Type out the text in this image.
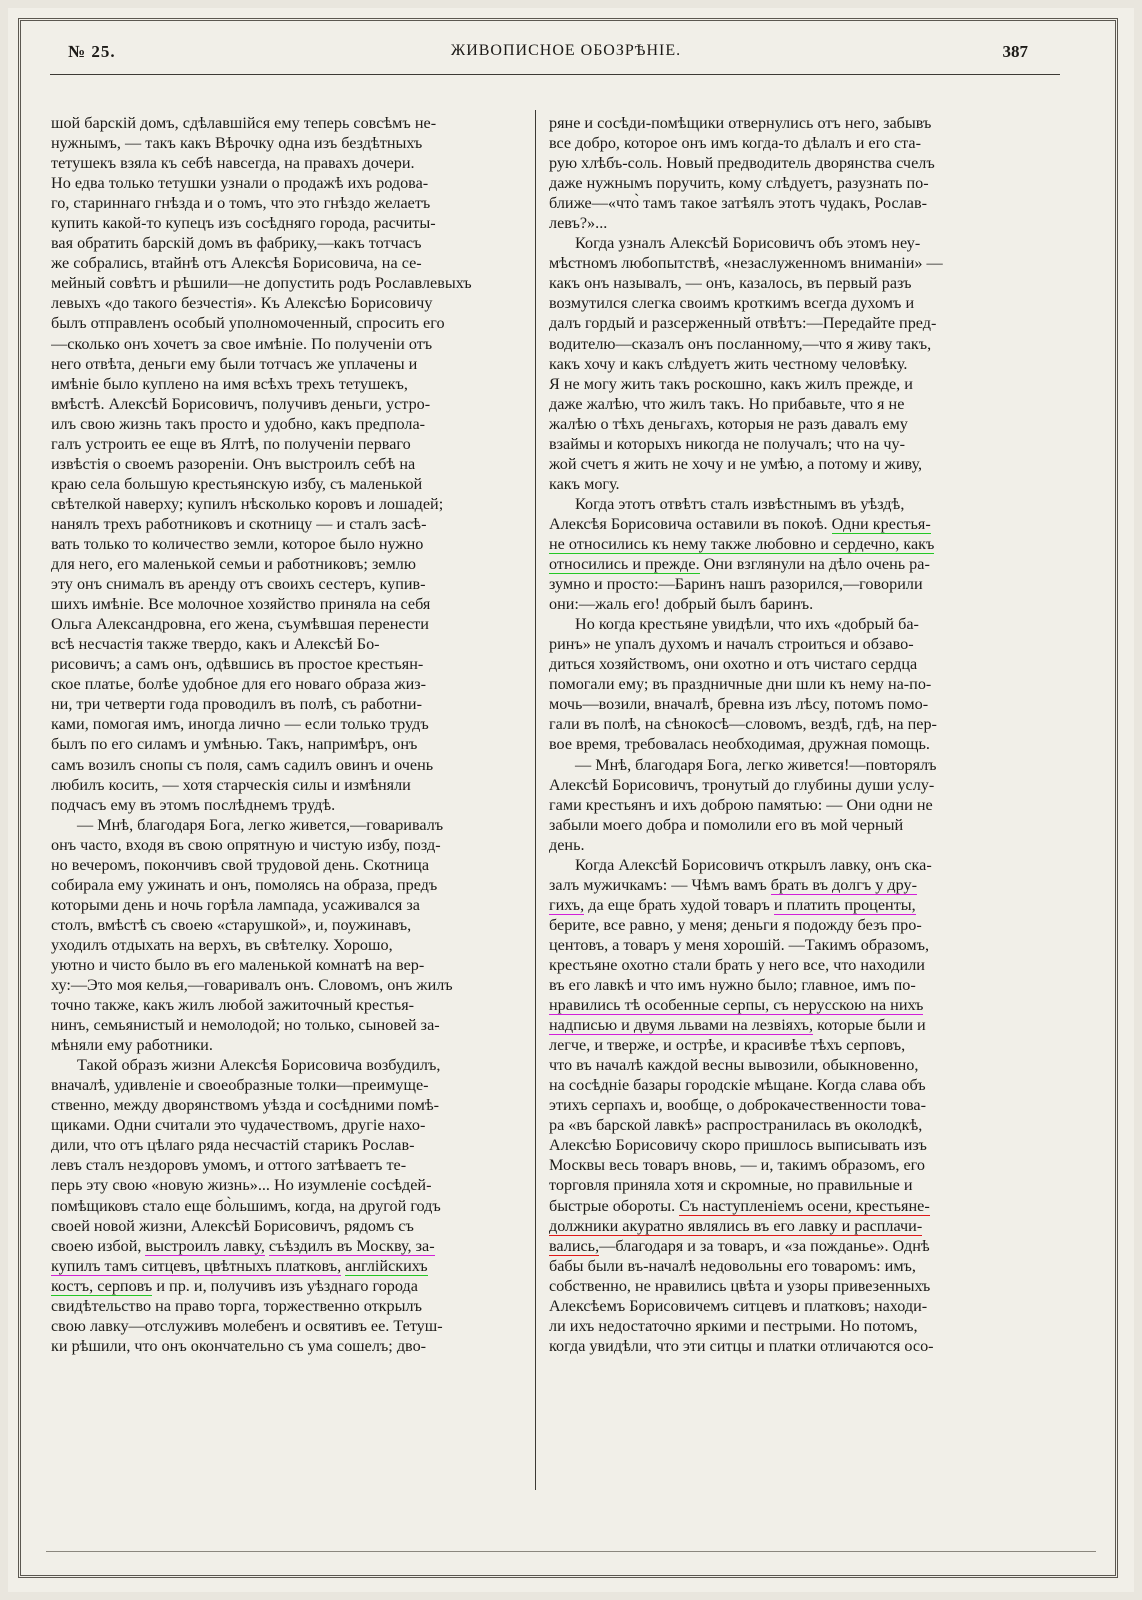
№ 25.	ЖИВОПИСНОЕ ОБОЗРѢНІЕ.	387
шой барскій домъ, сдѣлавшійся ему теперь совсѣмъ не-
нужнымъ, — такъ какъ Вѣрочку одна изъ бездѣтныхъ
тетушекъ взяла къ себѣ навсегда, на правахъ дочери.
Но едва только тетушки узнали о продажѣ ихъ родова-
го, стариннаго гнѣзда и о томъ, что это гнѣздо желаетъ
купить какой-то купецъ изъ сосѣдняго города, расчиты-
вая обратить барскій домъ въ фабрику,—какъ тотчасъ
же собрались, втайнѣ отъ Алексѣя Борисовича, на се-
мейный совѣтъ и рѣшили—не допустить родъ Рославлевыхъ
левыхъ «до такого безчестія». Къ Алексѣю Борисовичу
былъ отправленъ особый уполномоченный, спросить его
—сколько онъ хочетъ за свое имѣніе. По полученіи отъ
него отвѣта, деньги ему были тотчасъ же уплачены и
имѣніе было куплено на имя всѣхъ трехъ тетушекъ,
вмѣстѣ. Алексѣй Борисовичъ, получивъ деньги, устро-
илъ свою жизнь такъ просто и удобно, какъ предпола-
галъ устроить ее еще въ Ялтѣ, по полученіи перваго
извѣстія о своемъ разореніи. Онъ выстроилъ себѣ на
краю села большую крестьянскую избу, съ маленькой
свѣтелкой наверху; купилъ нѣсколько коровъ и лошадей;
нанялъ трехъ работниковъ и скотницу — и сталъ засѣ-
вать только то количество земли, которое было нужно
для него, его маленькой семьи и работниковъ; землю
эту онъ снималъ въ аренду отъ своихъ сестеръ, купив-
шихъ имѣніе. Все молочное хозяйство приняла на себя
Ольга Александровна, его жена, съумѣвшая перенести
всѣ несчастія также твердо, какъ и Алексѣй Бо-
рисовичъ; а самъ онъ, одѣвшись въ простое крестьян-
ское платье, болѣе удобное для его новаго образа жиз-
ни, три четверти года проводилъ въ полѣ, съ работни-
ками, помогая имъ, иногда лично — если только трудъ
былъ по его силамъ и умѣнью. Такъ, напримѣръ, онъ
самъ возилъ снопы съ поля, самъ садилъ овинъ и очень
любилъ косить, — хотя старческія силы и измѣняли
подчасъ ему въ этомъ послѣднемъ трудѣ.
— Мнѣ, благодаря Бога, легко живется,—говаривалъ
онъ часто, входя въ свою опрятную и чистую избу, позд-
но вечеромъ, покончивъ свой трудовой день. Скотница
собирала ему ужинать и онъ, помолясь на образа, предъ
которыми день и ночь горѣла лампада, усаживался за
столъ, вмѣстѣ съ своею «старушкой», и, поужинавъ,
уходилъ отдыхать на верхъ, въ свѣтелку. Хорошо,
уютно и чисто было въ его маленькой комнатѣ на вер-
ху:—Это моя келья,—говаривалъ онъ. Словомъ, онъ жилъ
точно также, какъ жилъ любой зажиточный крестья-
нинъ, семьянистый и немолодой; но только, сыновей за-
мѣняли ему работники.
Такой образъ жизни Алексѣя Борисовича возбудилъ,
вначалѣ, удивленіе и своеобразные толки—преимуще-
ственно, между дворянствомъ уѣзда и сосѣдними помѣ-
щиками. Одни считали это чудачествомъ, другіе нахо-
дили, что отъ цѣлаго ряда несчастій старикъ Рослав-
левъ сталъ нездоровъ умомъ, и оттого затѣваетъ те-
перь эту свою «новую жизнь»... Но изумленіе сосѣдей-
помѣщиковъ стало еще бо̀льшимъ, когда, на другой годъ
своей новой жизни, Алексѣй Борисовичъ, рядомъ съ
своею избой, выстроилъ лавку, съѣздилъ въ Москву, за-
купилъ тамъ ситцевъ, цвѣтныхъ платковъ, англійскихъ
костъ, серповъ и пр. и, получивъ изъ уѣзднаго города
свидѣтельство на право торга, торжественно открылъ
свою лавку—отслуживъ молебенъ и освятивъ ее. Тетуш-
ки рѣшили, что онъ окончательно съ ума сошелъ; дво-
ряне и сосѣди-помѣщики отвернулись отъ него, забывъ
все добро, которое онъ имъ когда-то дѣлалъ и его ста-
рую хлѣбъ-соль. Новый предводитель дворянства счелъ
даже нужнымъ поручить, кому слѣдуетъ, разузнать по-
ближе—«что̀ тамъ такое затѣялъ этотъ чудакъ, Рослав-
левъ?»...
Когда узналъ Алексѣй Борисовичъ объ этомъ неу-
мѣстномъ любопытствѣ, «незаслуженномъ вниманіи» —
какъ онъ называлъ, — онъ, казалось, въ первый разъ
возмутился слегка своимъ кроткимъ всегда духомъ и
далъ гордый и разсерженный отвѣтъ:—Передайте пред-
водителю—сказалъ онъ посланному,—что я живу такъ,
какъ хочу и какъ слѣдуетъ жить честному человѣку.
Я не могу жить такъ роскошно, какъ жилъ прежде, и
даже жалѣю, что жилъ такъ. Но прибавьте, что я не
жалѣю о тѣхъ деньгахъ, которыя не разъ давалъ ему
взаймы и которыхъ никогда не получалъ; что на чу-
жой счетъ я жить не хочу и не умѣю, а потому и живу,
какъ могу.
Когда этотъ отвѣтъ сталъ извѣстнымъ въ уѣздѣ,
Алексѣя Борисовича оставили въ покоѣ. Одни крестья-
не относились къ нему также любовно и сердечно, какъ
относились и прежде. Они взглянули на дѣло очень ра-
зумно и просто:—Баринъ нашъ разорился,—говорили
они:—жаль его! добрый былъ баринъ.
Но когда крестьяне увидѣли, что ихъ «добрый ба-
ринъ» не упалъ духомъ и началъ строиться и обзаво-
диться хозяйствомъ, они охотно и отъ чистаго сердца
помогали ему; въ праздничные дни шли къ нему на-по-
мочь—возили, вначалѣ, бревна изъ лѣсу, потомъ помо-
гали въ полѣ, на сѣнокосѣ—словомъ, вездѣ, гдѣ, на пер-
вое время, требовалась необходимая, дружная помощь.
— Мнѣ, благодаря Бога, легко живется!—повторялъ
Алексѣй Борисовичъ, тронутый до глубины души услу-
гами крестьянъ и ихъ доброю памятью: — Они одни не
забыли моего добра и помолили его въ мой черный
день.
Когда Алексѣй Борисовичъ открылъ лавку, онъ ска-
залъ мужичкамъ: — Чѣмъ вамъ брать въ долгъ у дру-
гихъ, да еще брать худой товаръ и платить проценты,
берите, все равно, у меня; деньги я подожду безъ про-
центовъ, а товаръ у меня хорошій. —Такимъ образомъ,
крестьяне охотно стали брать у него все, что находили
въ его лавкѣ и что имъ нужно было; главное, имъ по-
нравились тѣ особенные серпы, съ нерусскою на нихъ
надписью и двумя львами на лезвіяхъ, которые были и
легче, и тверже, и острѣе, и красивѣе тѣхъ серповъ,
что въ началѣ каждой весны вывозили, обыкновенно,
на сосѣдніе базары городскіе мѣщане. Когда слава объ
этихъ серпахъ и, вообще, о доброкачественности това-
ра «въ барской лавкѣ» распространилась въ околодкѣ,
Алексѣю Борисовичу скоро пришлось выписывать изъ
Москвы весь товаръ вновь, — и, такимъ образомъ, его
торговля приняла хотя и скромные, но правильные и
быстрые обороты. Съ наступленіемъ осени, крестьяне-
должники акуратно являлись въ его лавку и расплачи-
вались,—благодаря и за товаръ, и «за пожданье». Однѣ
бабы были въ-началѣ недовольны его товаромъ: имъ,
собственно, не нравились цвѣта и узоры привезенныхъ
Алексѣемъ Борисовичемъ ситцевъ и платковъ; находи-
ли ихъ недостаточно яркими и пестрыми. Но потомъ,
когда увидѣли, что эти ситцы и платки отличаются осо-
